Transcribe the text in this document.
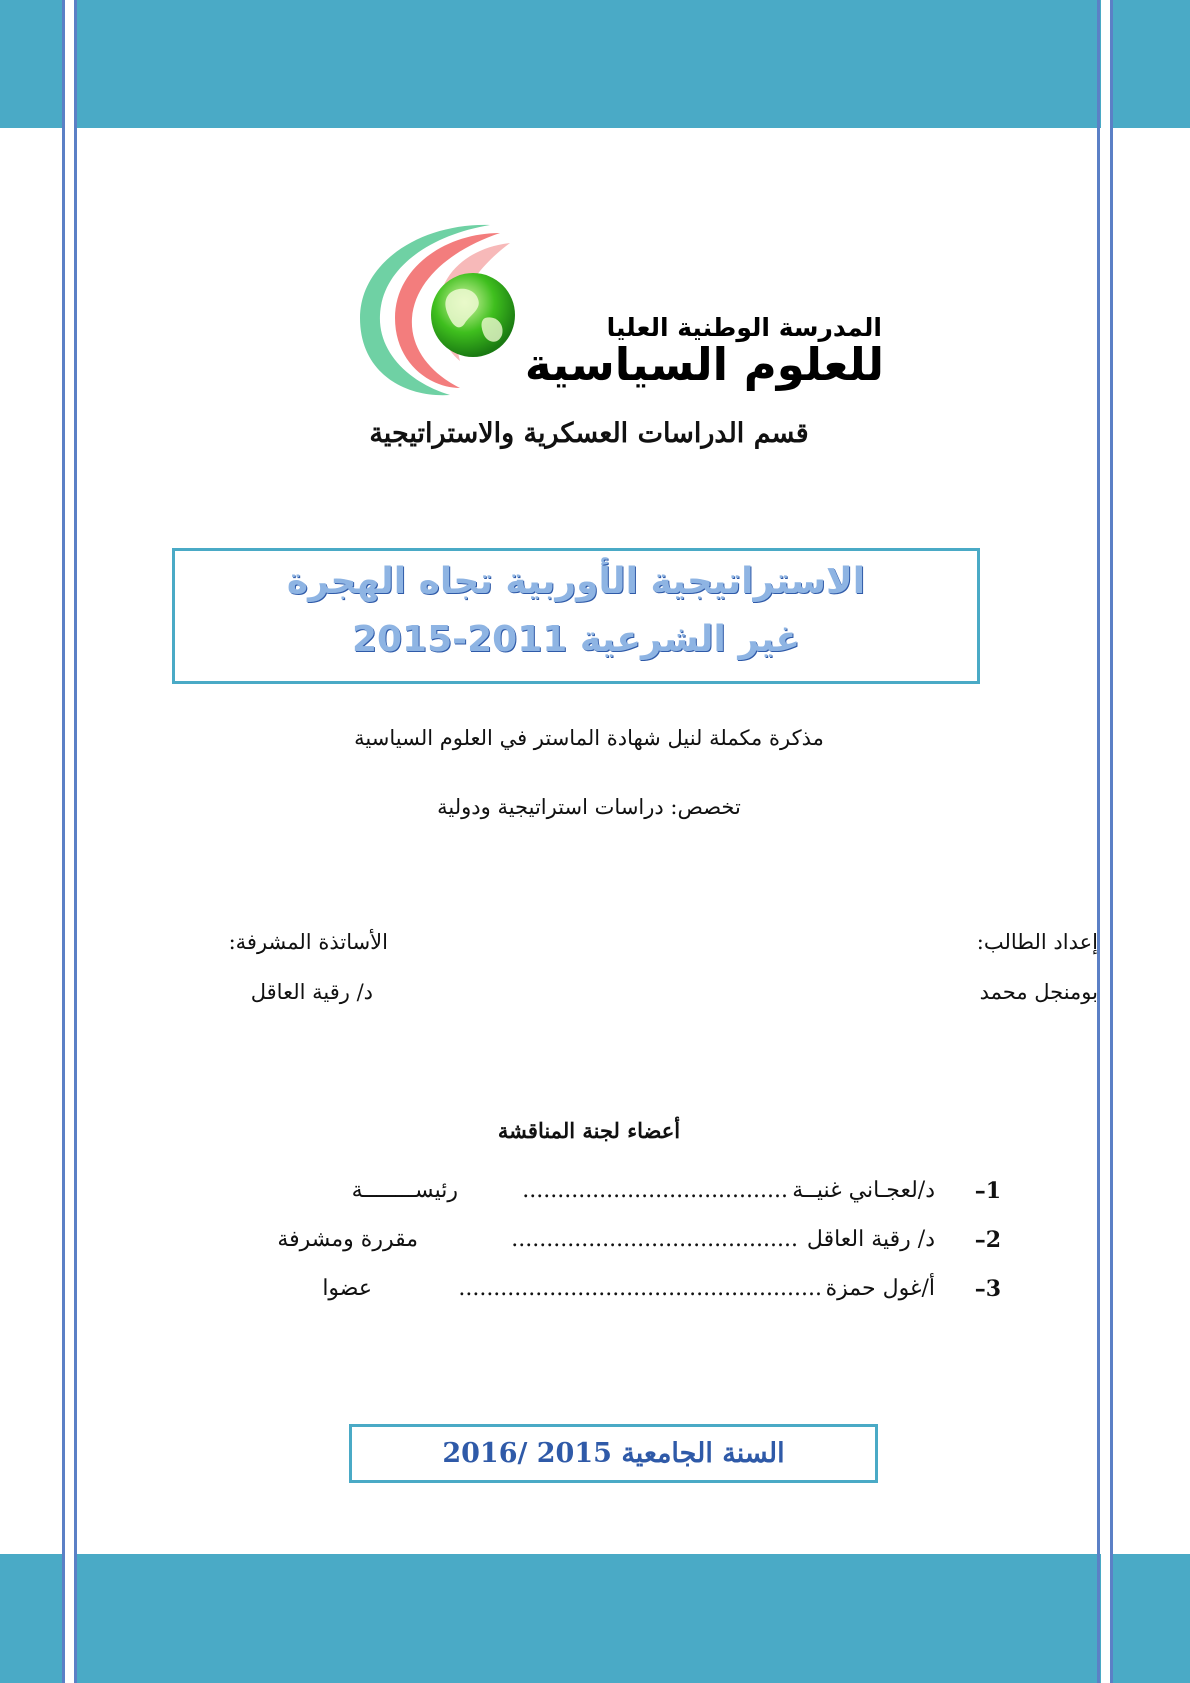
المدرسة الوطنية العليا
للعلوم السياسية
قسم الدراسات العسكرية والاستراتيجية
الاستراتيجية الأوربية تجاه الهجرة
غير الشرعية 2011-2015
مذكرة مكملة لنيل شهادة الماستر في العلوم السياسية
تخصص: دراسات استراتيجية ودولية
إعداد الطالب:
بومنجل محمد
الأساتذة المشرفة:
د/ رقية العاقل
أعضاء لجنة المناقشة
1–
د/لعجـاني غنيــة
......................................
رئيســــــــة
2–
د/ رقية العاقل
.........................................
مقررة ومشرفة
3–
أ/غول حمزة
....................................................
عضوا
السنة الجامعية 2015 /2016
